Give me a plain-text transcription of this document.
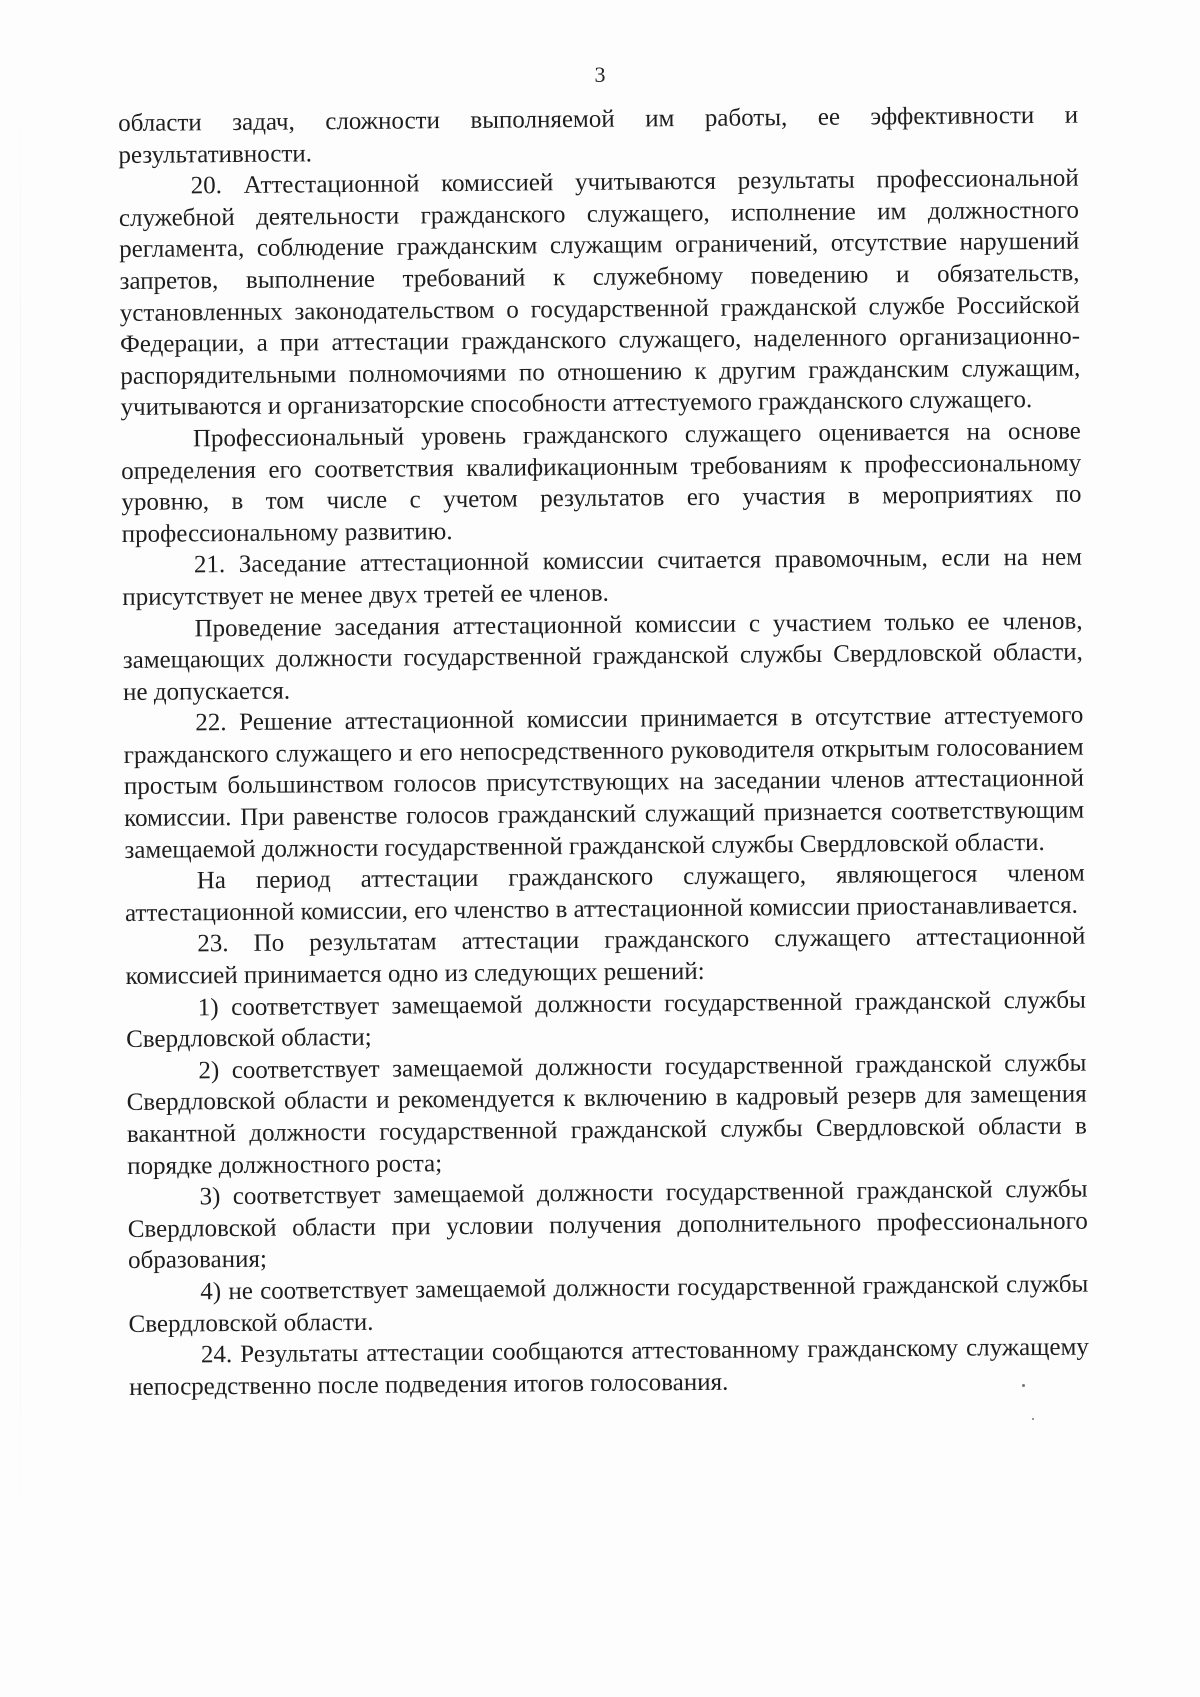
3

области задач, сложности выполняемой им работы, ее эффективности и результативности.

20. Аттестационной комиссией учитываются результаты профессиональной служебной деятельности гражданского служащего, исполнение им должностного регламента, соблюдение гражданским служащим ограничений, отсутствие нарушений запретов, выполнение требований к служебному поведению и обязательств, установленных законодательством о государственной гражданской службе Российской Федерации, а при аттестации гражданского служащего, наделенного организационно-распорядительными полномочиями по отношению к другим гражданским служащим, учитываются и организаторские способности аттестуемого гражданского служащего.

Профессиональный уровень гражданского служащего оценивается на основе определения его соответствия квалификационным требованиям к профессиональному уровню, в том числе с учетом результатов его участия в мероприятиях по профессиональному развитию.

21. Заседание аттестационной комиссии считается правомочным, если на нем присутствует не менее двух третей ее членов.

Проведение заседания аттестационной комиссии с участием только ее членов, замещающих должности государственной гражданской службы Свердловской области, не допускается.

22. Решение аттестационной комиссии принимается в отсутствие аттестуемого гражданского служащего и его непосредственного руководителя открытым голосованием простым большинством голосов присутствующих на заседании членов аттестационной комиссии. При равенстве голосов гражданский служащий признается соответствующим замещаемой должности государственной гражданской службы Свердловской области.

На период аттестации гражданского служащего, являющегося членом аттестационной комиссии, его членство в аттестационной комиссии приостанавливается.

23. По результатам аттестации гражданского служащего аттестационной комиссией принимается одно из следующих решений:

1) соответствует замещаемой должности государственной гражданской службы Свердловской области;

2) соответствует замещаемой должности государственной гражданской службы Свердловской области и рекомендуется к включению в кадровый резерв для замещения вакантной должности государственной гражданской службы Свердловской области в порядке должностного роста;

3) соответствует замещаемой должности государственной гражданской службы Свердловской области при условии получения дополнительного профессионального образования;

4) не соответствует замещаемой должности государственной гражданской службы Свердловской области.

24. Результаты аттестации сообщаются аттестованному гражданскому служащему непосредственно после подведения итогов голосования.
